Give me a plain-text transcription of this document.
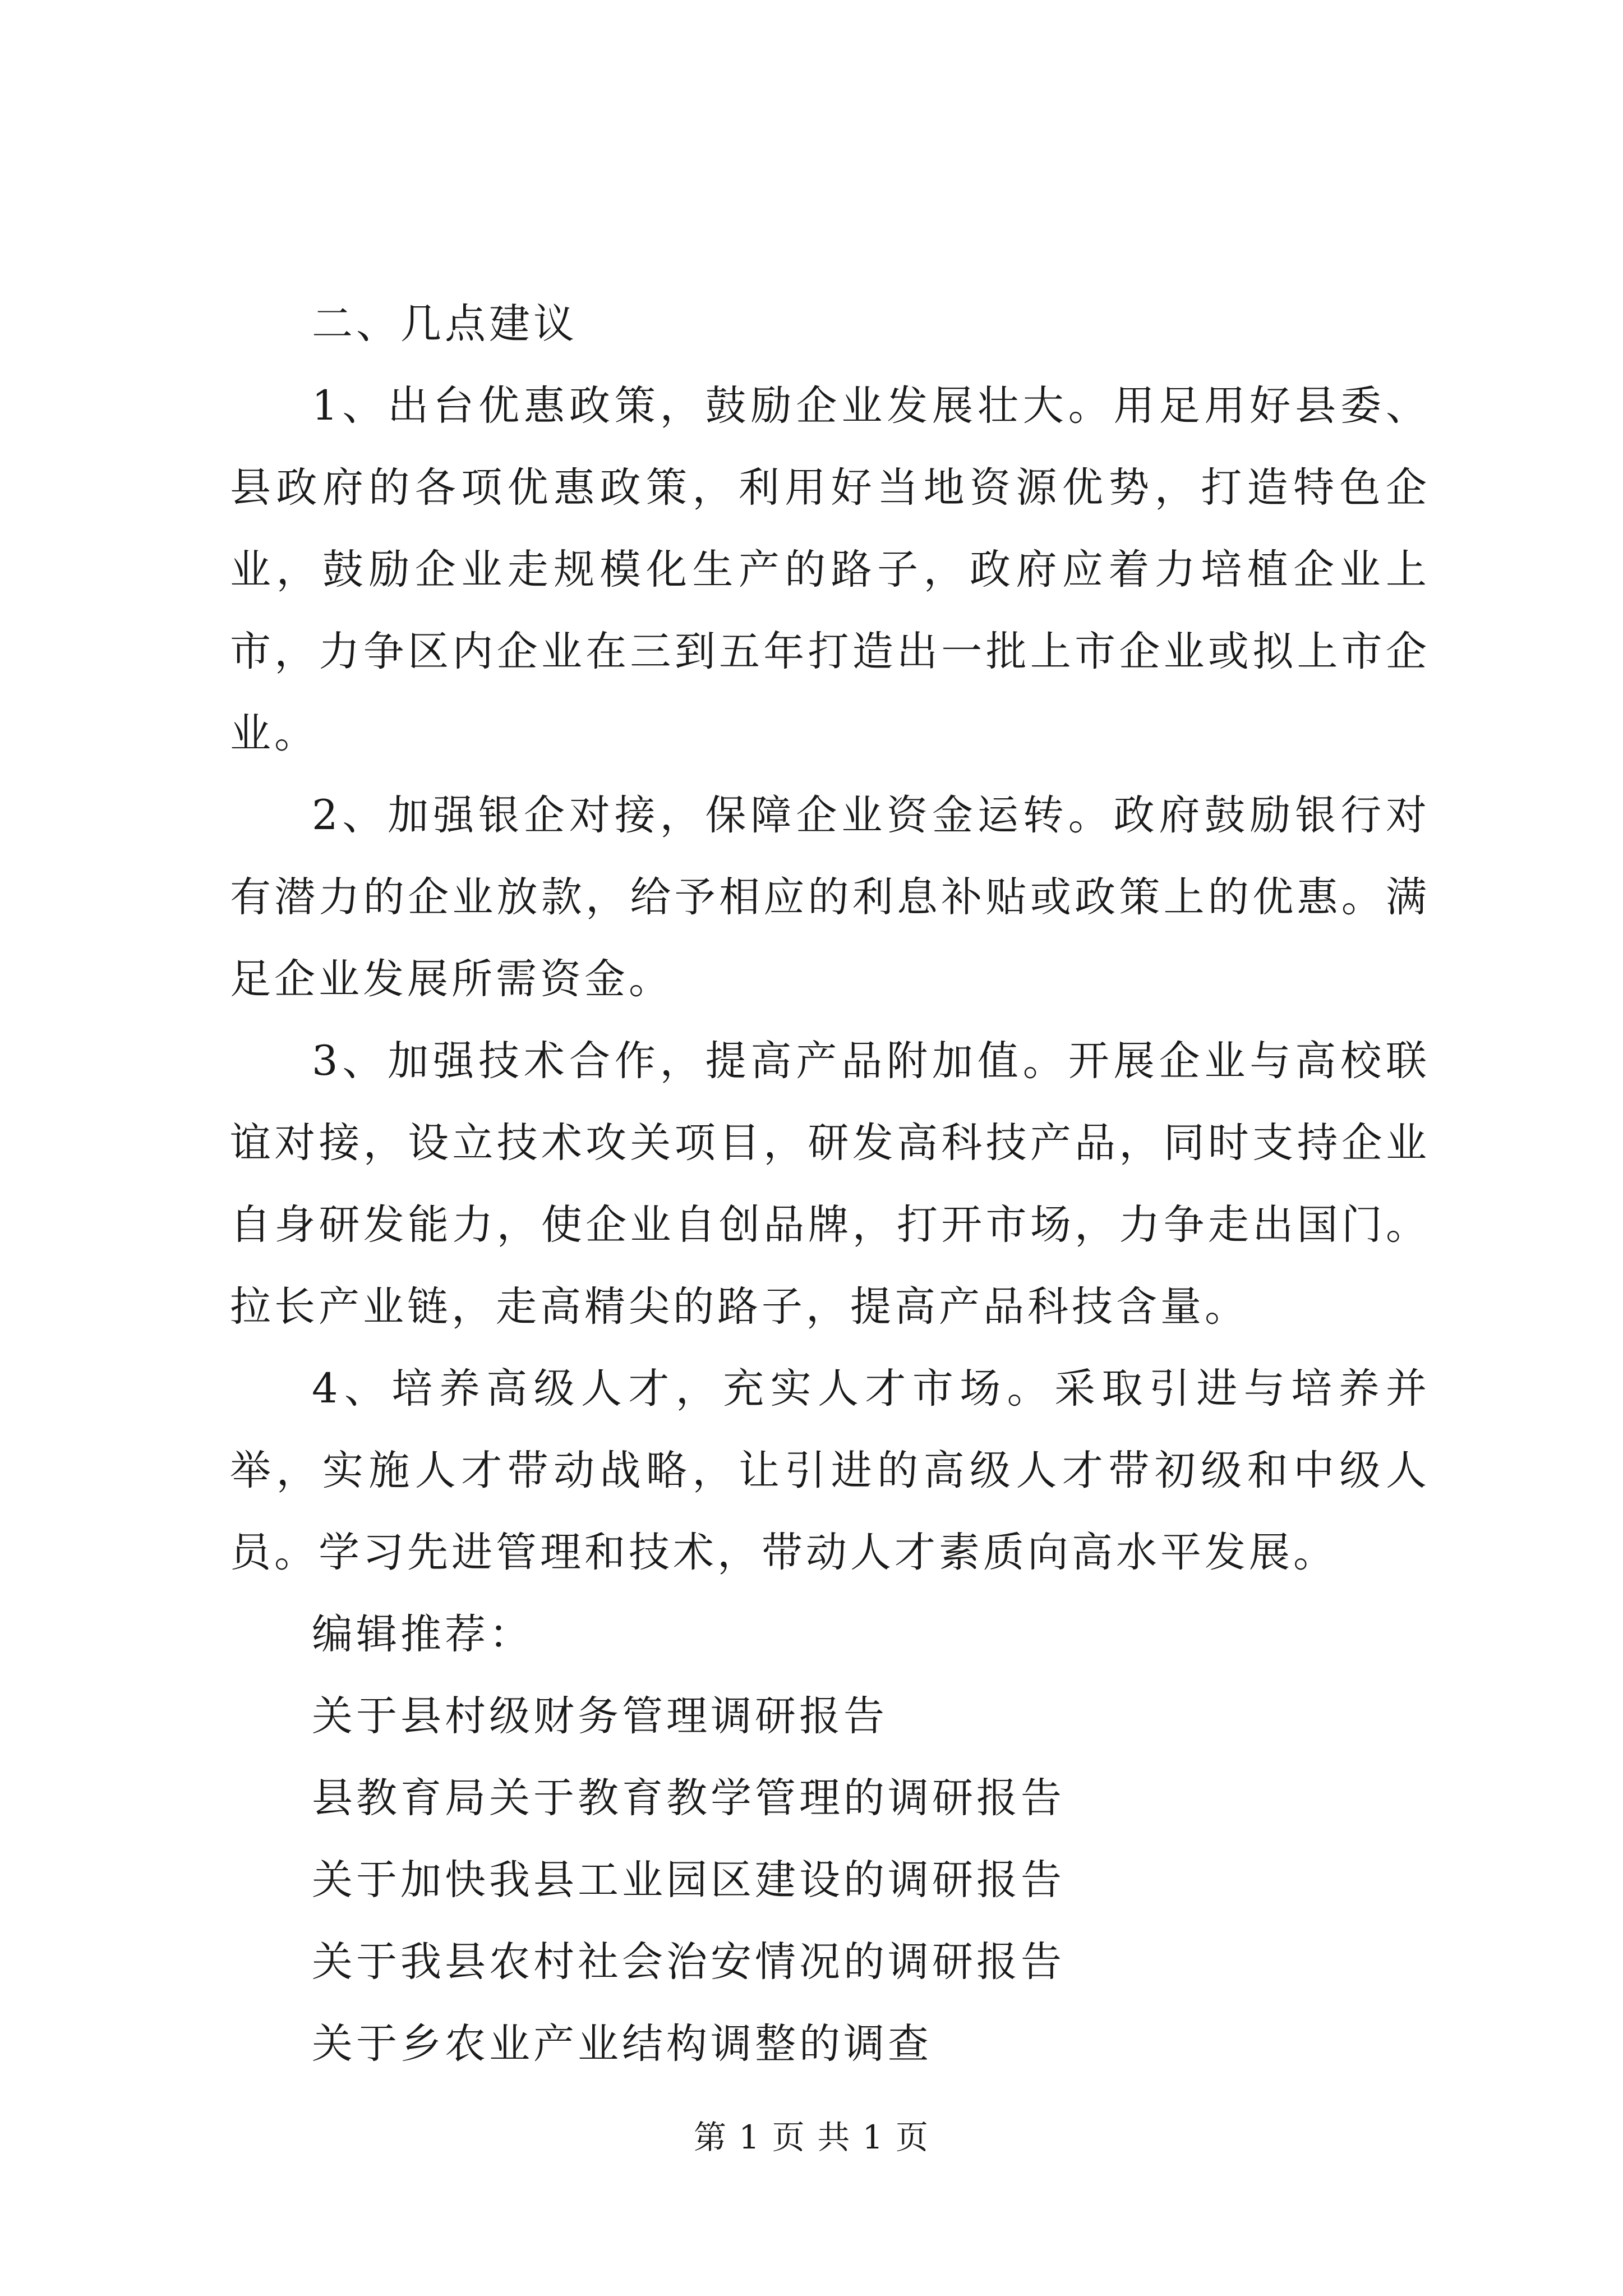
二、几点建议

1、出台优惠政策，鼓励企业发展壮大。用足用好县委、县政府的各项优惠政策，利用好当地资源优势，打造特色企业，鼓励企业走规模化生产的路子，政府应着力培植企业上市，力争区内企业在三到五年打造出一批上市企业或拟上市企业。

2、加强银企对接，保障企业资金运转。政府鼓励银行对有潜力的企业放款，给予相应的利息补贴或政策上的优惠。满足企业发展所需资金。

3、加强技术合作，提高产品附加值。开展企业与高校联谊对接，设立技术攻关项目，研发高科技产品，同时支持企业自身研发能力，使企业自创品牌，打开市场，力争走出国门。拉长产业链，走高精尖的路子，提高产品科技含量。

4、培养高级人才，充实人才市场。采取引进与培养并举，实施人才带动战略，让引进的高级人才带初级和中级人员。学习先进管理和技术，带动人才素质向高水平发展。

编辑推荐：

关于县村级财务管理调研报告

县教育局关于教育教学管理的调研报告

关于加快我县工业园区建设的调研报告

关于我县农村社会治安情况的调研报告

关于乡农业产业结构调整的调查

第 1 页 共 1 页
